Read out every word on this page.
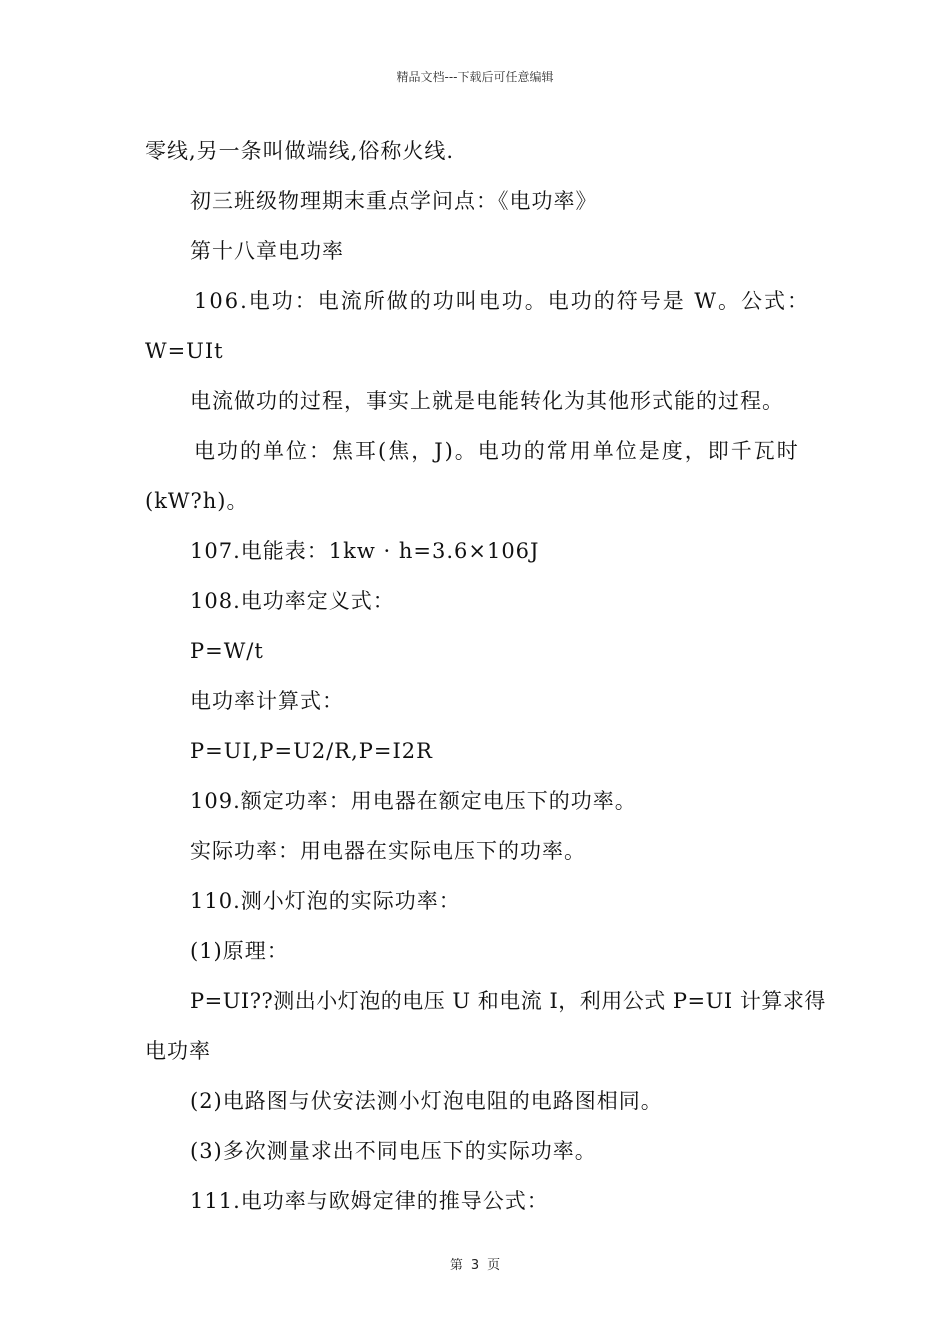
精品文档---下载后可任意编辑
零线,另一条叫做端线,俗称火线.
初三班级物理期末重点学问点：《电功率》
第十八章电功率
106.电功：电流所做的功叫电功。电功的符号是 W。公式：
W=UIt
电流做功的过程，事实上就是电能转化为其他形式能的过程。
电功的单位：焦耳(焦，J)。电功的常用单位是度，即千瓦时
(kW?h)。
107.电能表：1kw · h=3.6×106J
108.电功率定义式：
P=W/t
电功率计算式：
P=UI,P=U2/R,P=I2R
109.额定功率：用电器在额定电压下的功率。
实际功率：用电器在实际电压下的功率。
110.测小灯泡的实际功率：
(1)原理：
P=UI??测出小灯泡的电压 U 和电流 I，利用公式 P=UI 计算求得
电功率
(2)电路图与伏安法测小灯泡电阻的电路图相同。
(3)多次测量求出不同电压下的实际功率。
111.电功率与欧姆定律的推导公式：
第 3 页
